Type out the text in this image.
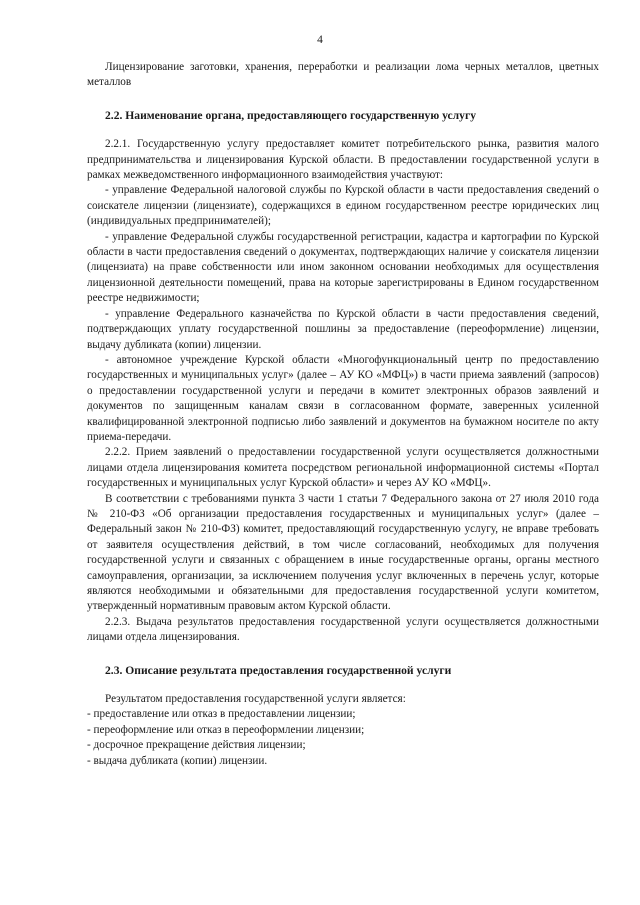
4

Лицензирование заготовки, хранения, переработки и реализации лома черных металлов, цветных металлов

2.2. Наименование органа, предоставляющего государственную услугу

2.2.1. Государственную услугу предоставляет комитет потребительского рынка, развития малого предпринимательства и лицензирования Курской области. В предоставлении государственной услуги в рамках межведомственного информационного взаимодействия участвуют:

- управление Федеральной налоговой службы по Курской области в части предоставления сведений о соискателе лицензии (лицензиате), содержащихся в едином государственном реестре юридических лиц (индивидуальных предпринимателей);

- управление Федеральной службы государственной регистрации, кадастра и картографии по Курской области в части предоставления сведений о документах, подтверждающих наличие у соискателя лицензии (лицензиата) на праве собственности или ином законном основании необходимых для осуществления лицензионной деятельности помещений, права на которые зарегистрированы в Едином государственном реестре недвижимости;

- управление Федерального казначейства по Курской области в части предоставления сведений, подтверждающих уплату государственной пошлины за предоставление (переоформление) лицензии, выдачу дубликата (копии) лицензии.

- автономное учреждение Курской области «Многофункциональный центр по предоставлению государственных и муниципальных услуг» (далее – АУ КО «МФЦ») в части приема заявлений (запросов) о предоставлении государственной услуги и передачи в комитет электронных образов заявлений и документов по защищенным каналам связи в согласованном формате, заверенных усиленной квалифицированной электронной подписью либо заявлений и документов на бумажном носителе по акту приема-передачи.

2.2.2. Прием заявлений о предоставлении государственной услуги осуществляется должностными лицами отдела лицензирования комитета посредством региональной информационной системы «Портал государственных и муниципальных услуг Курской области» и через АУ КО «МФЦ».

В соответствии с требованиями пункта 3 части 1 статьи 7 Федерального закона от 27 июля 2010 года № 210-ФЗ «Об организации предоставления государственных и муниципальных услуг» (далее – Федеральный закон № 210-ФЗ) комитет, предоставляющий государственную услугу, не вправе требовать от заявителя осуществления действий, в том числе согласований, необходимых для получения государственной услуги и связанных с обращением в иные государственные органы, органы местного самоуправления, организации, за исключением получения услуг включенных в перечень услуг, которые являются необходимыми и обязательными для предоставления государственной услуги комитетом, утвержденный нормативным правовым актом Курской области.

2.2.3. Выдача результатов предоставления государственной услуги осуществляется должностными лицами отдела лицензирования.

2.3. Описание результата предоставления государственной услуги

Результатом предоставления государственной услуги является:

- предоставление или отказ в предоставлении лицензии;
- переоформление или отказ в переоформлении лицензии;
- досрочное прекращение действия лицензии;
- выдача дубликата (копии) лицензии.
